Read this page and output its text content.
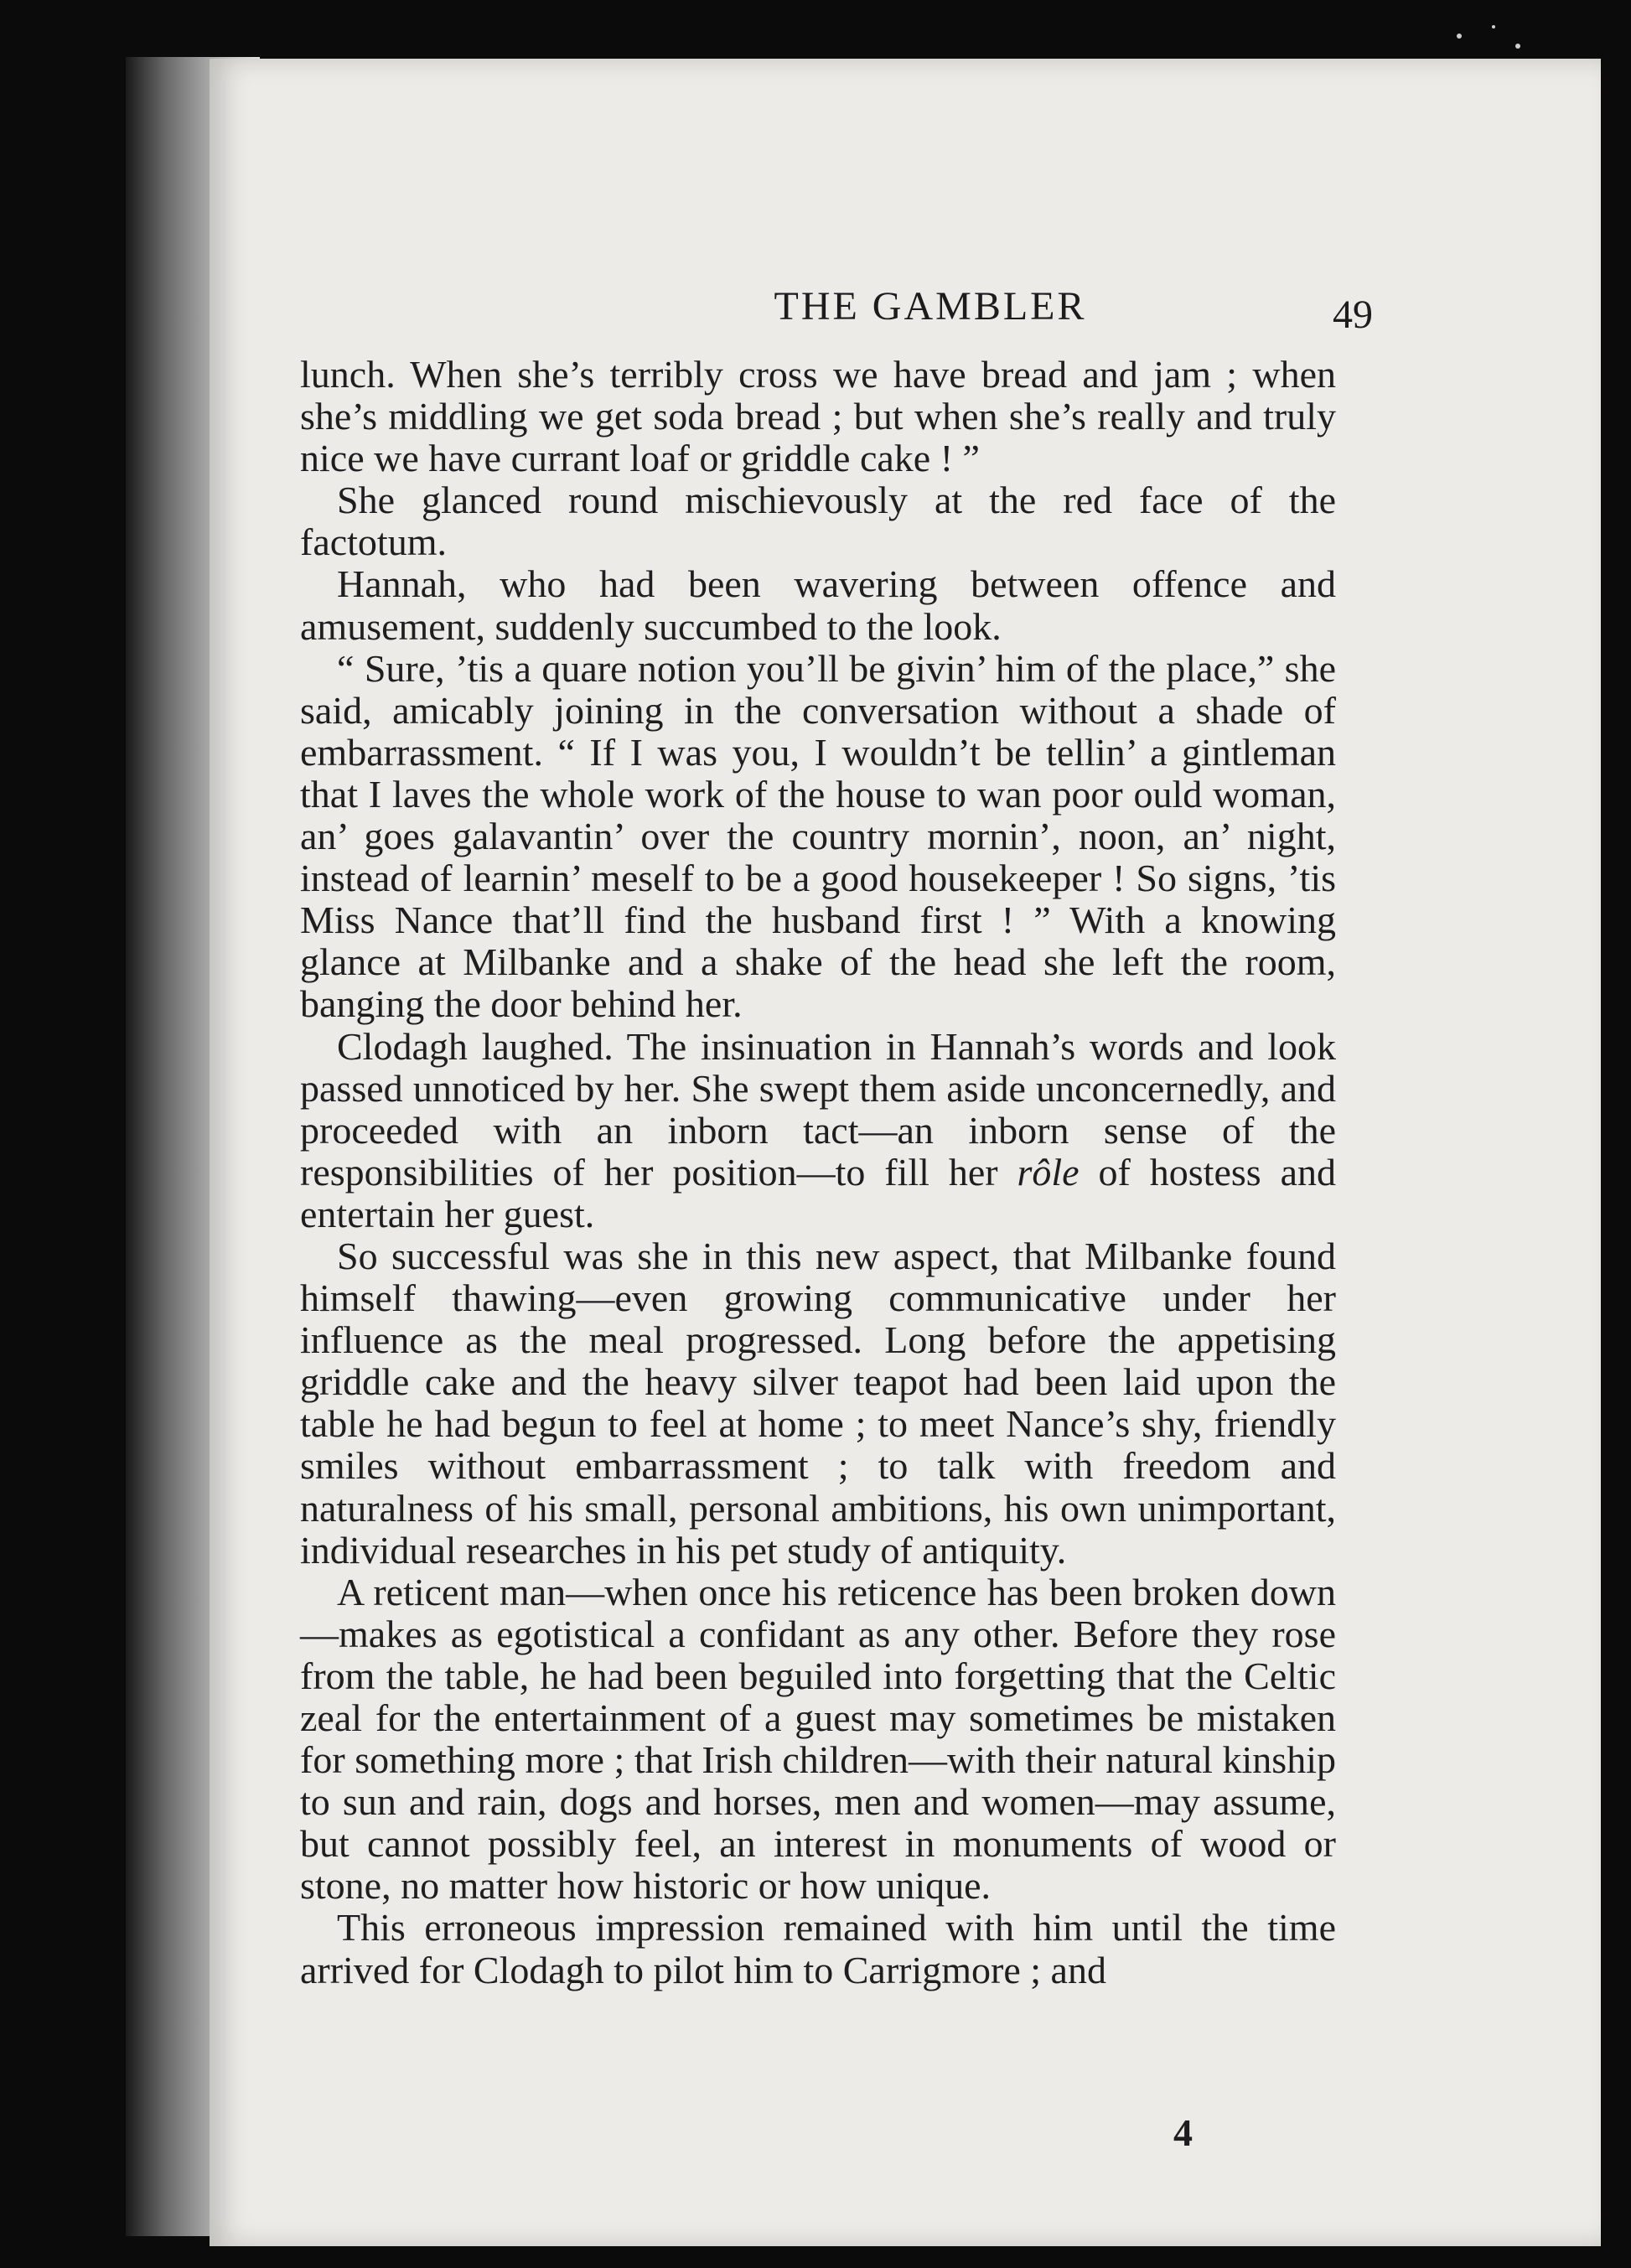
THE GAMBLER	49

lunch. When she’s terribly cross we have bread and jam ; when she’s middling we get soda bread ; but when she’s really and truly nice we have currant loaf or griddle cake ! ”

She glanced round mischievously at the red face of the factotum.

Hannah, who had been wavering between offence and amusement, suddenly succumbed to the look.

“ Sure, ’tis a quare notion you’ll be givin’ him of the place,” she said, amicably joining in the conversation without a shade of embarrassment. “ If I was you, I wouldn’t be tellin’ a gintleman that I laves the whole work of the house to wan poor ould woman, an’ goes galavantin’ over the country mornin’, noon, an’ night, instead of learnin’ meself to be a good housekeeper ! So signs, ’tis Miss Nance that’ll find the husband first ! ” With a knowing glance at Milbanke and a shake of the head she left the room, banging the door behind her.

Clodagh laughed. The insinuation in Hannah’s words and look passed unnoticed by her. She swept them aside unconcernedly, and proceeded with an inborn tact—an inborn sense of the responsibilities of her position—to fill her rôle of hostess and entertain her guest.

So successful was she in this new aspect, that Milbanke found himself thawing—even growing communicative under her influence as the meal progressed. Long before the appetising griddle cake and the heavy silver teapot had been laid upon the table he had begun to feel at home ; to meet Nance’s shy, friendly smiles without embarrassment ; to talk with freedom and naturalness of his small, personal ambitions, his own unimportant, individual researches in his pet study of antiquity.

A reticent man—when once his reticence has been broken down—makes as egotistical a confidant as any other. Before they rose from the table, he had been beguiled into forgetting that the Celtic zeal for the entertainment of a guest may sometimes be mistaken for something more ; that Irish children—with their natural kinship to sun and rain, dogs and horses, men and women—may assume, but cannot possibly feel, an interest in monuments of wood or stone, no matter how historic or how unique.

This erroneous impression remained with him until the time arrived for Clodagh to pilot him to Carrigmore ; and

4
